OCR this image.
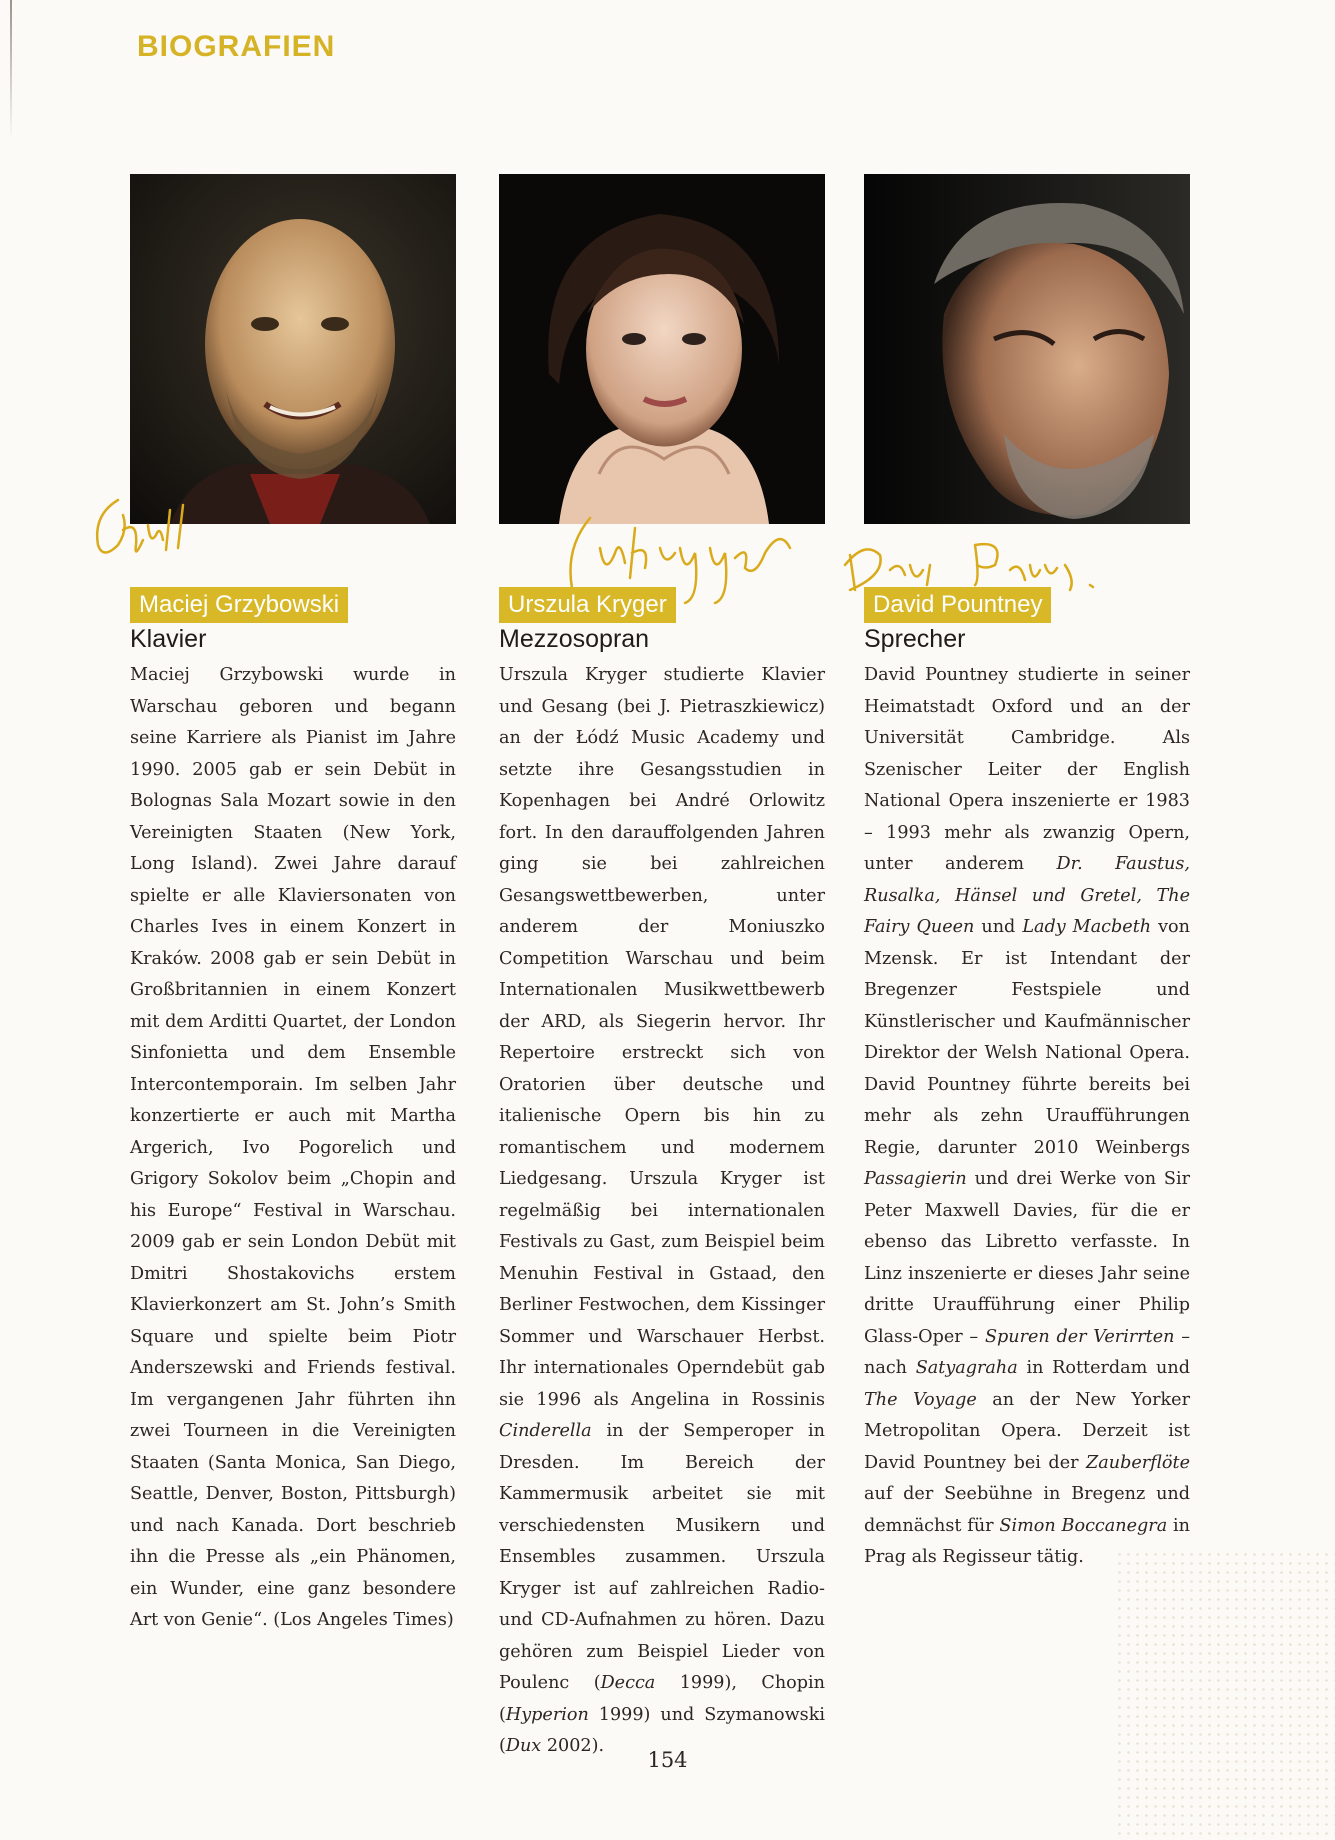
BIOGRAFIEN
Maciej Grzybowski
Klavier

Maciej Grzybowski wurde in Warschau geboren und begann seine Karriere als Pianist im Jahre 1990. 2005 gab er sein Debüt in Bolognas Sala Mozart sowie in den Vereinigten Staaten (New York, Long Island). Zwei Jahre darauf spielte er alle Klaviersonaten von Charles Ives in einem Konzert in Kraków. 2008 gab er sein Debüt in Großbritannien in einem Konzert mit dem Arditti Quartet, der London Sinfonietta und dem Ensemble Intercontemporain. Im selben Jahr konzertierte er auch mit Martha Argerich, Ivo Pogorelich und Grigory Sokolov beim „Chopin and his Europe“ Festival in Warschau. 2009 gab er sein London Debüt mit Dmitri Shostakovichs erstem Klavierkonzert am St. John’s Smith Square und spielte beim Piotr Anderszewski and Friends festival. Im vergangenen Jahr führten ihn zwei Tourneen in die Vereinigten Staaten (Santa Monica, San Diego, Seattle, Denver, Boston, Pittsburgh) und nach Kanada. Dort beschrieb ihn die Presse als „ein Phänomen, ein Wunder, eine ganz besondere Art von Genie“. (Los Angeles Times)

Urszula Kryger
Mezzosopran

Urszula Kryger studierte Klavier und Gesang (bei J. Pietraszkiewicz) an der Łódź Music Academy und setzte ihre Gesangsstudien in Kopenhagen bei André Orlowitz fort. In den darauffolgenden Jahren ging sie bei zahlreichen Gesangswettbewerben, unter anderem der Moniuszko Competition Warschau und beim Internationalen Musikwettbewerb der ARD, als Siegerin hervor. Ihr Repertoire erstreckt sich von Oratorien über deutsche und italienische Opern bis hin zu romantischem und modernem Liedgesang. Urszula Kryger ist regelmäßig bei internationalen Festivals zu Gast, zum Beispiel beim Menuhin Festival in Gstaad, den Berliner Festwochen, dem Kissinger Sommer und Warschauer Herbst. Ihr internationales Operndebüt gab sie 1996 als Angelina in Rossinis Cinderella in der Semperoper in Dresden. Im Bereich der Kammermusik arbeitet sie mit verschiedensten Musikern und Ensembles zusammen. Urszula Kryger ist auf zahlreichen Radio- und CD-Aufnahmen zu hören. Dazu gehören zum Beispiel Lieder von Poulenc (Decca 1999), Chopin (Hyperion 1999) und Szymanowski (Dux 2002).

David Pountney
Sprecher

David Pountney studierte in seiner Heimatstadt Oxford und an der Universität Cambridge. Als Szenischer Leiter der English National Opera inszenierte er 1983 – 1993 mehr als zwanzig Opern, unter anderem Dr. Faustus, Rusalka, Hänsel und Gretel, The Fairy Queen und Lady Macbeth von Mzensk. Er ist Intendant der Bregenzer Festspiele und Künstlerischer und Kaufmännischer Direktor der Welsh National Opera. David Pountney führte bereits bei mehr als zehn Uraufführungen Regie, darunter 2010 Weinbergs Passagierin und drei Werke von Sir Peter Maxwell Davies, für die er ebenso das Libretto verfasste. In Linz inszenierte er dieses Jahr seine dritte Uraufführung einer Philip Glass-Oper – Spuren der Verirrten – nach Satyagraha in Rotterdam und The Voyage an der New Yorker Metropolitan Opera. Derzeit ist David Pountney bei der Zauberflöte auf der Seebühne in Bregenz und demnächst für Simon Boccanegra in Prag als Regisseur tätig.

154
